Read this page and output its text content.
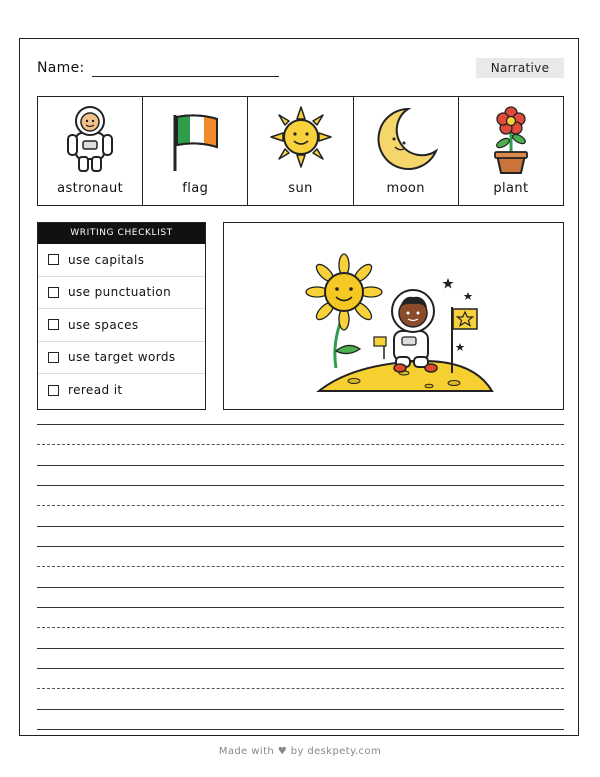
Name:	Narrative
astronaut	flag	sun	moon	plant
WRITING CHECKLIST
use capitals
use punctuation
use spaces
use target words
reread it
Made with ♥ by deskpety.com
